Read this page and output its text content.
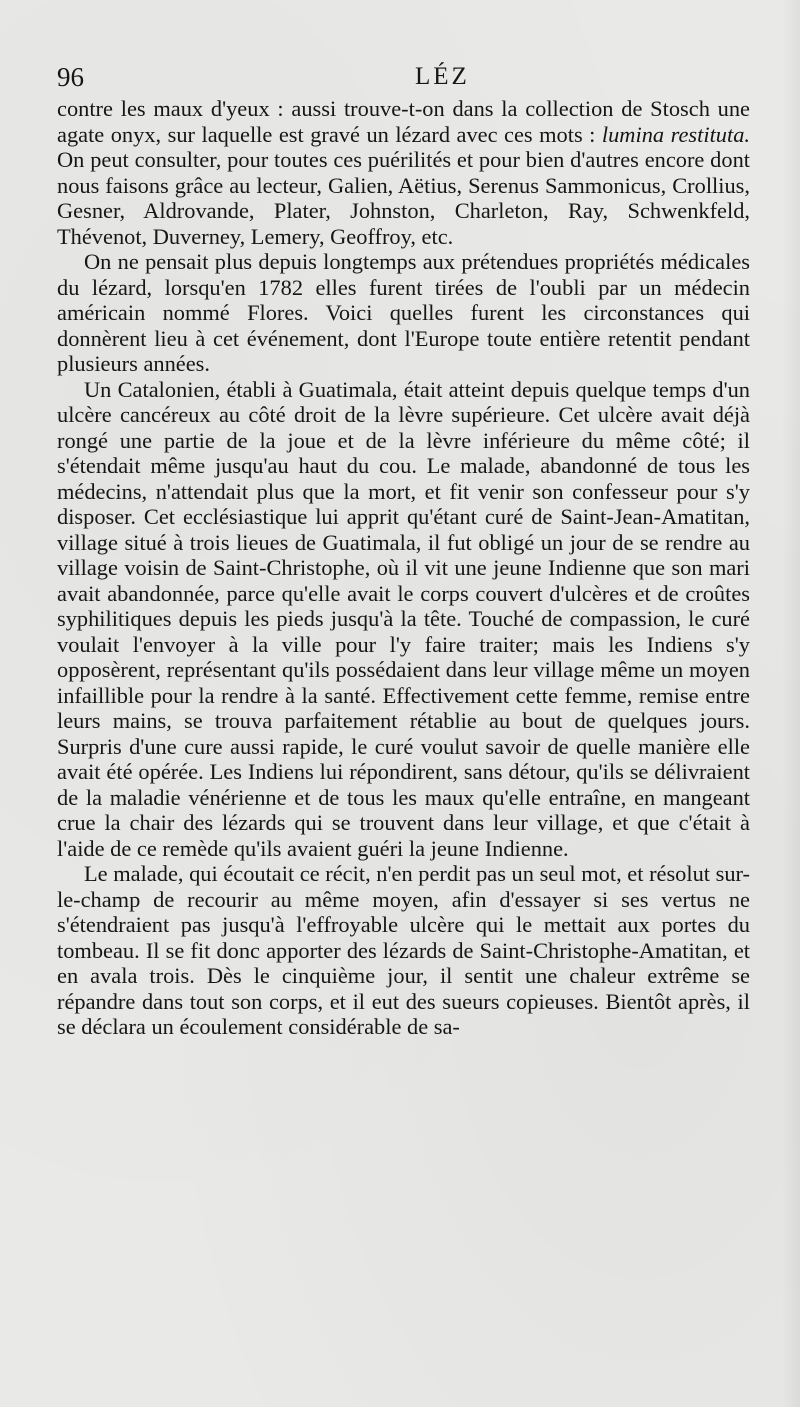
96	LÉZ

contre les maux d'yeux : aussi trouve-t-on dans la collection de Stosch une agate onyx, sur laquelle est gravé un lézard avec ces mots : lumina restituta. On peut consulter, pour toutes ces puérilités et pour bien d'autres encore dont nous faisons grâce au lecteur, Galien, Aëtius, Serenus Sammonicus, Crollius, Gesner, Aldrovande, Plater, Johnston, Charleton, Ray, Schwenkfeld, Thévenot, Duverney, Lemery, Geoffroy, etc.

On ne pensait plus depuis longtemps aux prétendues propriétés médicales du lézard, lorsqu'en 1782 elles furent tirées de l'oubli par un médecin américain nommé Flores. Voici quelles furent les circonstances qui donnèrent lieu à cet événement, dont l'Europe toute entière retentit pendant plusieurs années.

Un Catalonien, établi à Guatimala, était atteint depuis quelque temps d'un ulcère cancéreux au côté droit de la lèvre supérieure. Cet ulcère avait déjà rongé une partie de la joue et de la lèvre inférieure du même côté; il s'étendait même jusqu'au haut du cou. Le malade, abandonné de tous les médecins, n'attendait plus que la mort, et fit venir son confesseur pour s'y disposer. Cet ecclésiastique lui apprit qu'étant curé de Saint-Jean-Amatitan, village situé à trois lieues de Guatimala, il fut obligé un jour de se rendre au village voisin de Saint-Christophe, où il vit une jeune Indienne que son mari avait abandonnée, parce qu'elle avait le corps couvert d'ulcères et de croûtes syphilitiques depuis les pieds jusqu'à la tête. Touché de compassion, le curé voulait l'envoyer à la ville pour l'y faire traiter; mais les Indiens s'y opposèrent, représentant qu'ils possédaient dans leur village même un moyen infaillible pour la rendre à la santé. Effectivement cette femme, remise entre leurs mains, se trouva parfaitement rétablie au bout de quelques jours. Surpris d'une cure aussi rapide, le curé voulut savoir de quelle manière elle avait été opérée. Les Indiens lui répondirent, sans détour, qu'ils se délivraient de la maladie vénérienne et de tous les maux qu'elle entraîne, en mangeant crue la chair des lézards qui se trouvent dans leur village, et que c'était à l'aide de ce remède qu'ils avaient guéri la jeune Indienne.

Le malade, qui écoutait ce récit, n'en perdit pas un seul mot, et résolut sur-le-champ de recourir au même moyen, afin d'essayer si ses vertus ne s'étendraient pas jusqu'à l'effroyable ulcère qui le mettait aux portes du tombeau. Il se fit donc apporter des lézards de Saint-Christophe-Amatitan, et en avala trois. Dès le cinquième jour, il sentit une chaleur extrême se répandre dans tout son corps, et il eut des sueurs copieuses. Bientôt après, il se déclara un écoulement considérable de sa-
